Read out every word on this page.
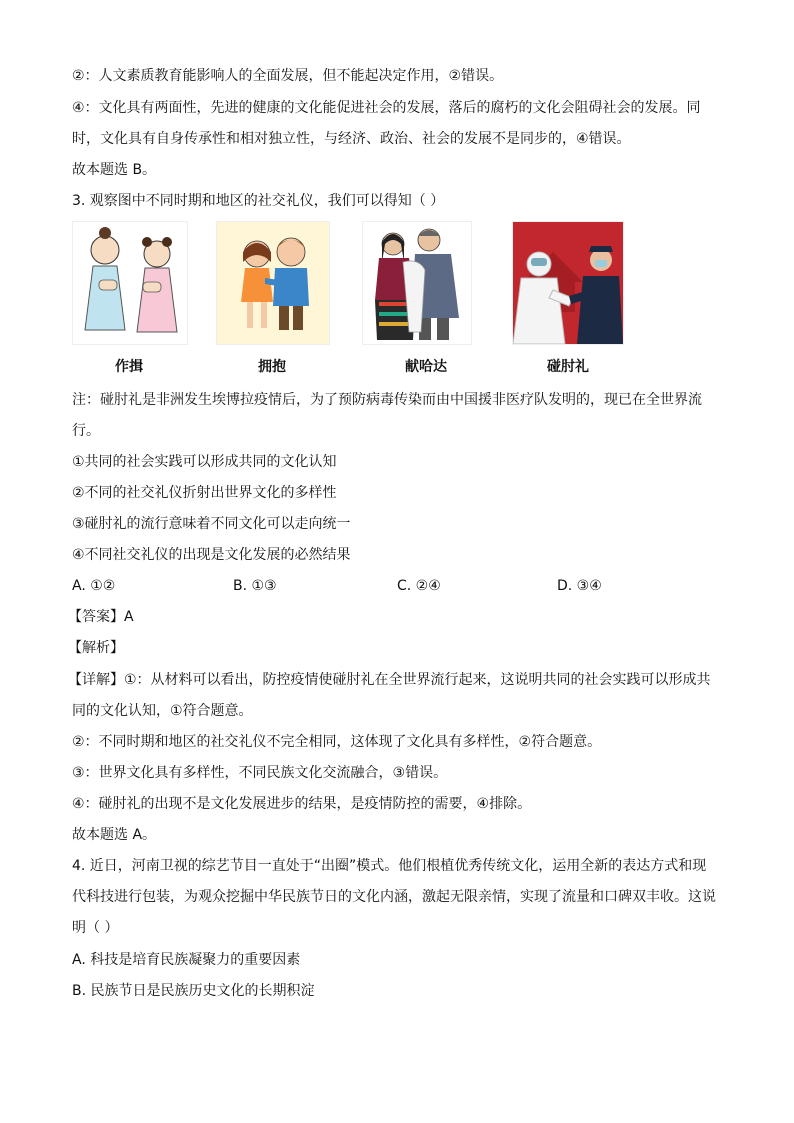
②：人文素质教育能影响人的全面发展，但不能起决定作用，②错误。
④：文化具有两面性，先进的健康的文化能促进社会的发展，落后的腐朽的文化会阻碍社会的发展。同
时，文化具有自身传承性和相对独立性，与经济、政治、社会的发展不是同步的，④错误。
故本题选 B。
3. 观察图中不同时期和地区的社交礼仪，我们可以得知（ ）
作揖	拥抱	献哈达	碰肘礼
注：碰肘礼是非洲发生埃博拉疫情后，为了预防病毒传染而由中国援非医疗队发明的，现已在全世界流
行。
①共同的社会实践可以形成共同的文化认知
②不同的社交礼仪折射出世界文化的多样性
③碰肘礼的流行意味着不同文化可以走向统一
④不同社交礼仪的出现是文化发展的必然结果
A. ①②	B. ①③	C. ②④	D. ③④
【答案】A
【解析】
【详解】①：从材料可以看出，防控疫情使碰肘礼在全世界流行起来，这说明共同的社会实践可以形成共
同的文化认知，①符合题意。
②：不同时期和地区的社交礼仪不完全相同，这体现了文化具有多样性，②符合题意。
③：世界文化具有多样性，不同民族文化交流融合，③错误。
④：碰肘礼的出现不是文化发展进步的结果，是疫情防控的需要，④排除。
故本题选 A。
4. 近日，河南卫视的综艺节目一直处于“出圈”模式。他们根植优秀传统文化，运用全新的表达方式和现
代科技进行包装，为观众挖掘中华民族节日的文化内涵，激起无限亲情，实现了流量和口碑双丰收。这说
明（ ）
A. 科技是培育民族凝聚力的重要因素
B. 民族节日是民族历史文化的长期积淀
